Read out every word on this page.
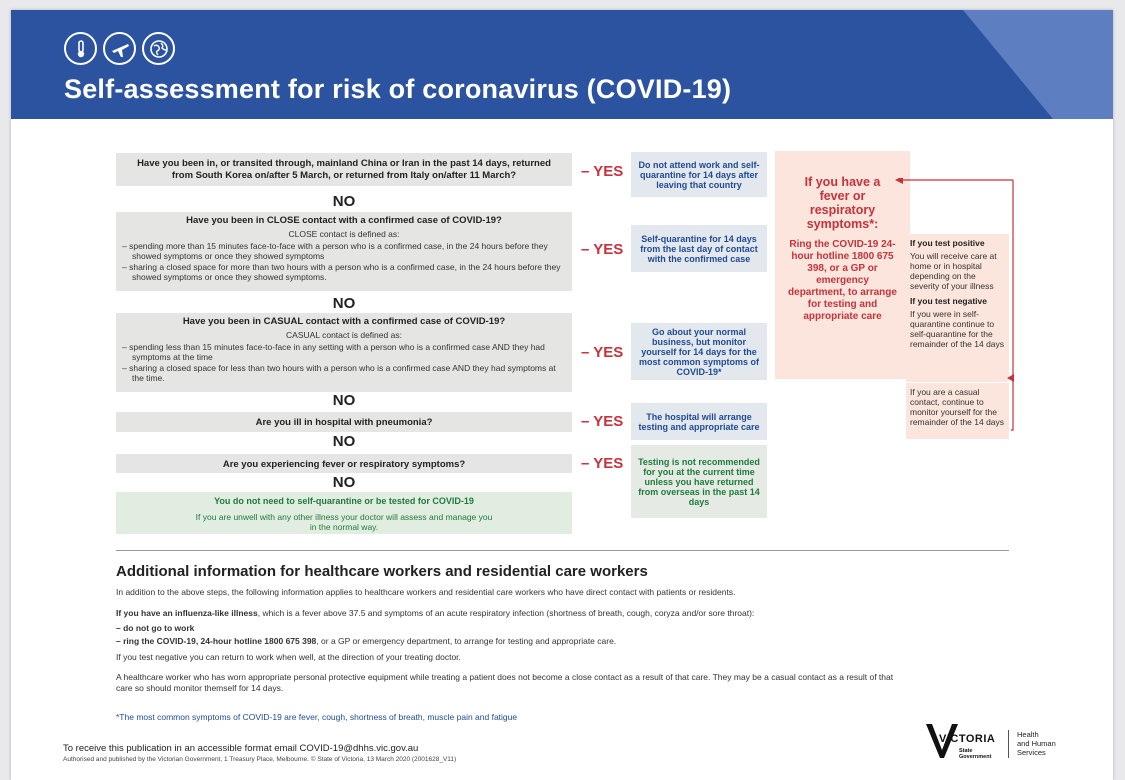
Self-assessment for risk of coronavirus (COVID-19)
Have you been in, or transited through, mainland China or Iran in the past 14 days, returned from South Korea on/after 5 March, or returned from Italy on/after 11 March?	– YES	Do not attend work and self-quarantine for 14 days after leaving that country
NO
Have you been in CLOSE contact with a confirmed case of COVID-19?
CLOSE contact is defined as:
– spending more than 15 minutes face-to-face with a person who is a confirmed case, in the 24 hours before they showed symptoms or once they showed symptoms
– sharing a closed space for more than two hours with a person who is a confirmed case, in the 24 hours before they showed symptoms or once they showed symptoms.
– YES
Self-quarantine for 14 days from the last day of contact with the confirmed case
NO
Have you been in CASUAL contact with a confirmed case of COVID-19?
CASUAL contact is defined as:
– spending less than 15 minutes face-to-face in any setting with a person who is a confirmed case AND they had symptoms at the time
– sharing a closed space for less than two hours with a person who is a confirmed case AND they had symptoms at the time.
– YES
Go about your normal business, but monitor yourself for 14 days for the most common symptoms of COVID-19*
NO
Are you ill in hospital with pneumonia?	– YES	The hospital will arrange testing and appropriate care
NO
Are you experiencing fever or respiratory symptoms?	– YES	Testing is not recommended for you at the current time unless you have returned from overseas in the past 14 days
NO
You do not need to self-quarantine or be tested for COVID-19
If you are unwell with any other illness your doctor will assess and manage you in the normal way.
If you have a fever or respiratory symptoms*:
Ring the COVID-19 24-hour hotline 1800 675 398, or a GP or emergency department, to arrange for testing and appropriate care
If you test positive
You will receive care at home or in hospital depending on the severity of your illness
If you test negative
If you were in self-quarantine continue to self-quarantine for the remainder of the 14 days
If you are a casual contact, continue to monitor yourself for the remainder of the 14 days
Additional information for healthcare workers and residential care workers
In addition to the above steps, the following information applies to healthcare workers and residential care workers who have direct contact with patients or residents.
If you have an influenza-like illness, which is a fever above 37.5 and symptoms of an acute respiratory infection (shortness of breath, cough, coryza and/or sore throat):
– do not go to work
– ring the COVID-19, 24-hour hotline 1800 675 398, or a GP or emergency department, to arrange for testing and appropriate care.
If you test negative you can return to work when well, at the direction of your treating doctor.
A healthcare worker who has worn appropriate personal protective equipment while treating a patient does not become a close contact as a result of that care. They may be a casual contact as a result of that care so should monitor themself for 14 days.
*The most common symptoms of COVID-19 are fever, cough, shortness of breath, muscle pain and fatigue
To receive this publication in an accessible format email COVID-19@dhhs.vic.gov.au
Authorised and published by the Victorian Government, 1 Treasury Place, Melbourne. © State of Victoria, 13 March 2020 (2001628_V11)
VICTORIA
State
Government
Health
and Human
Services
